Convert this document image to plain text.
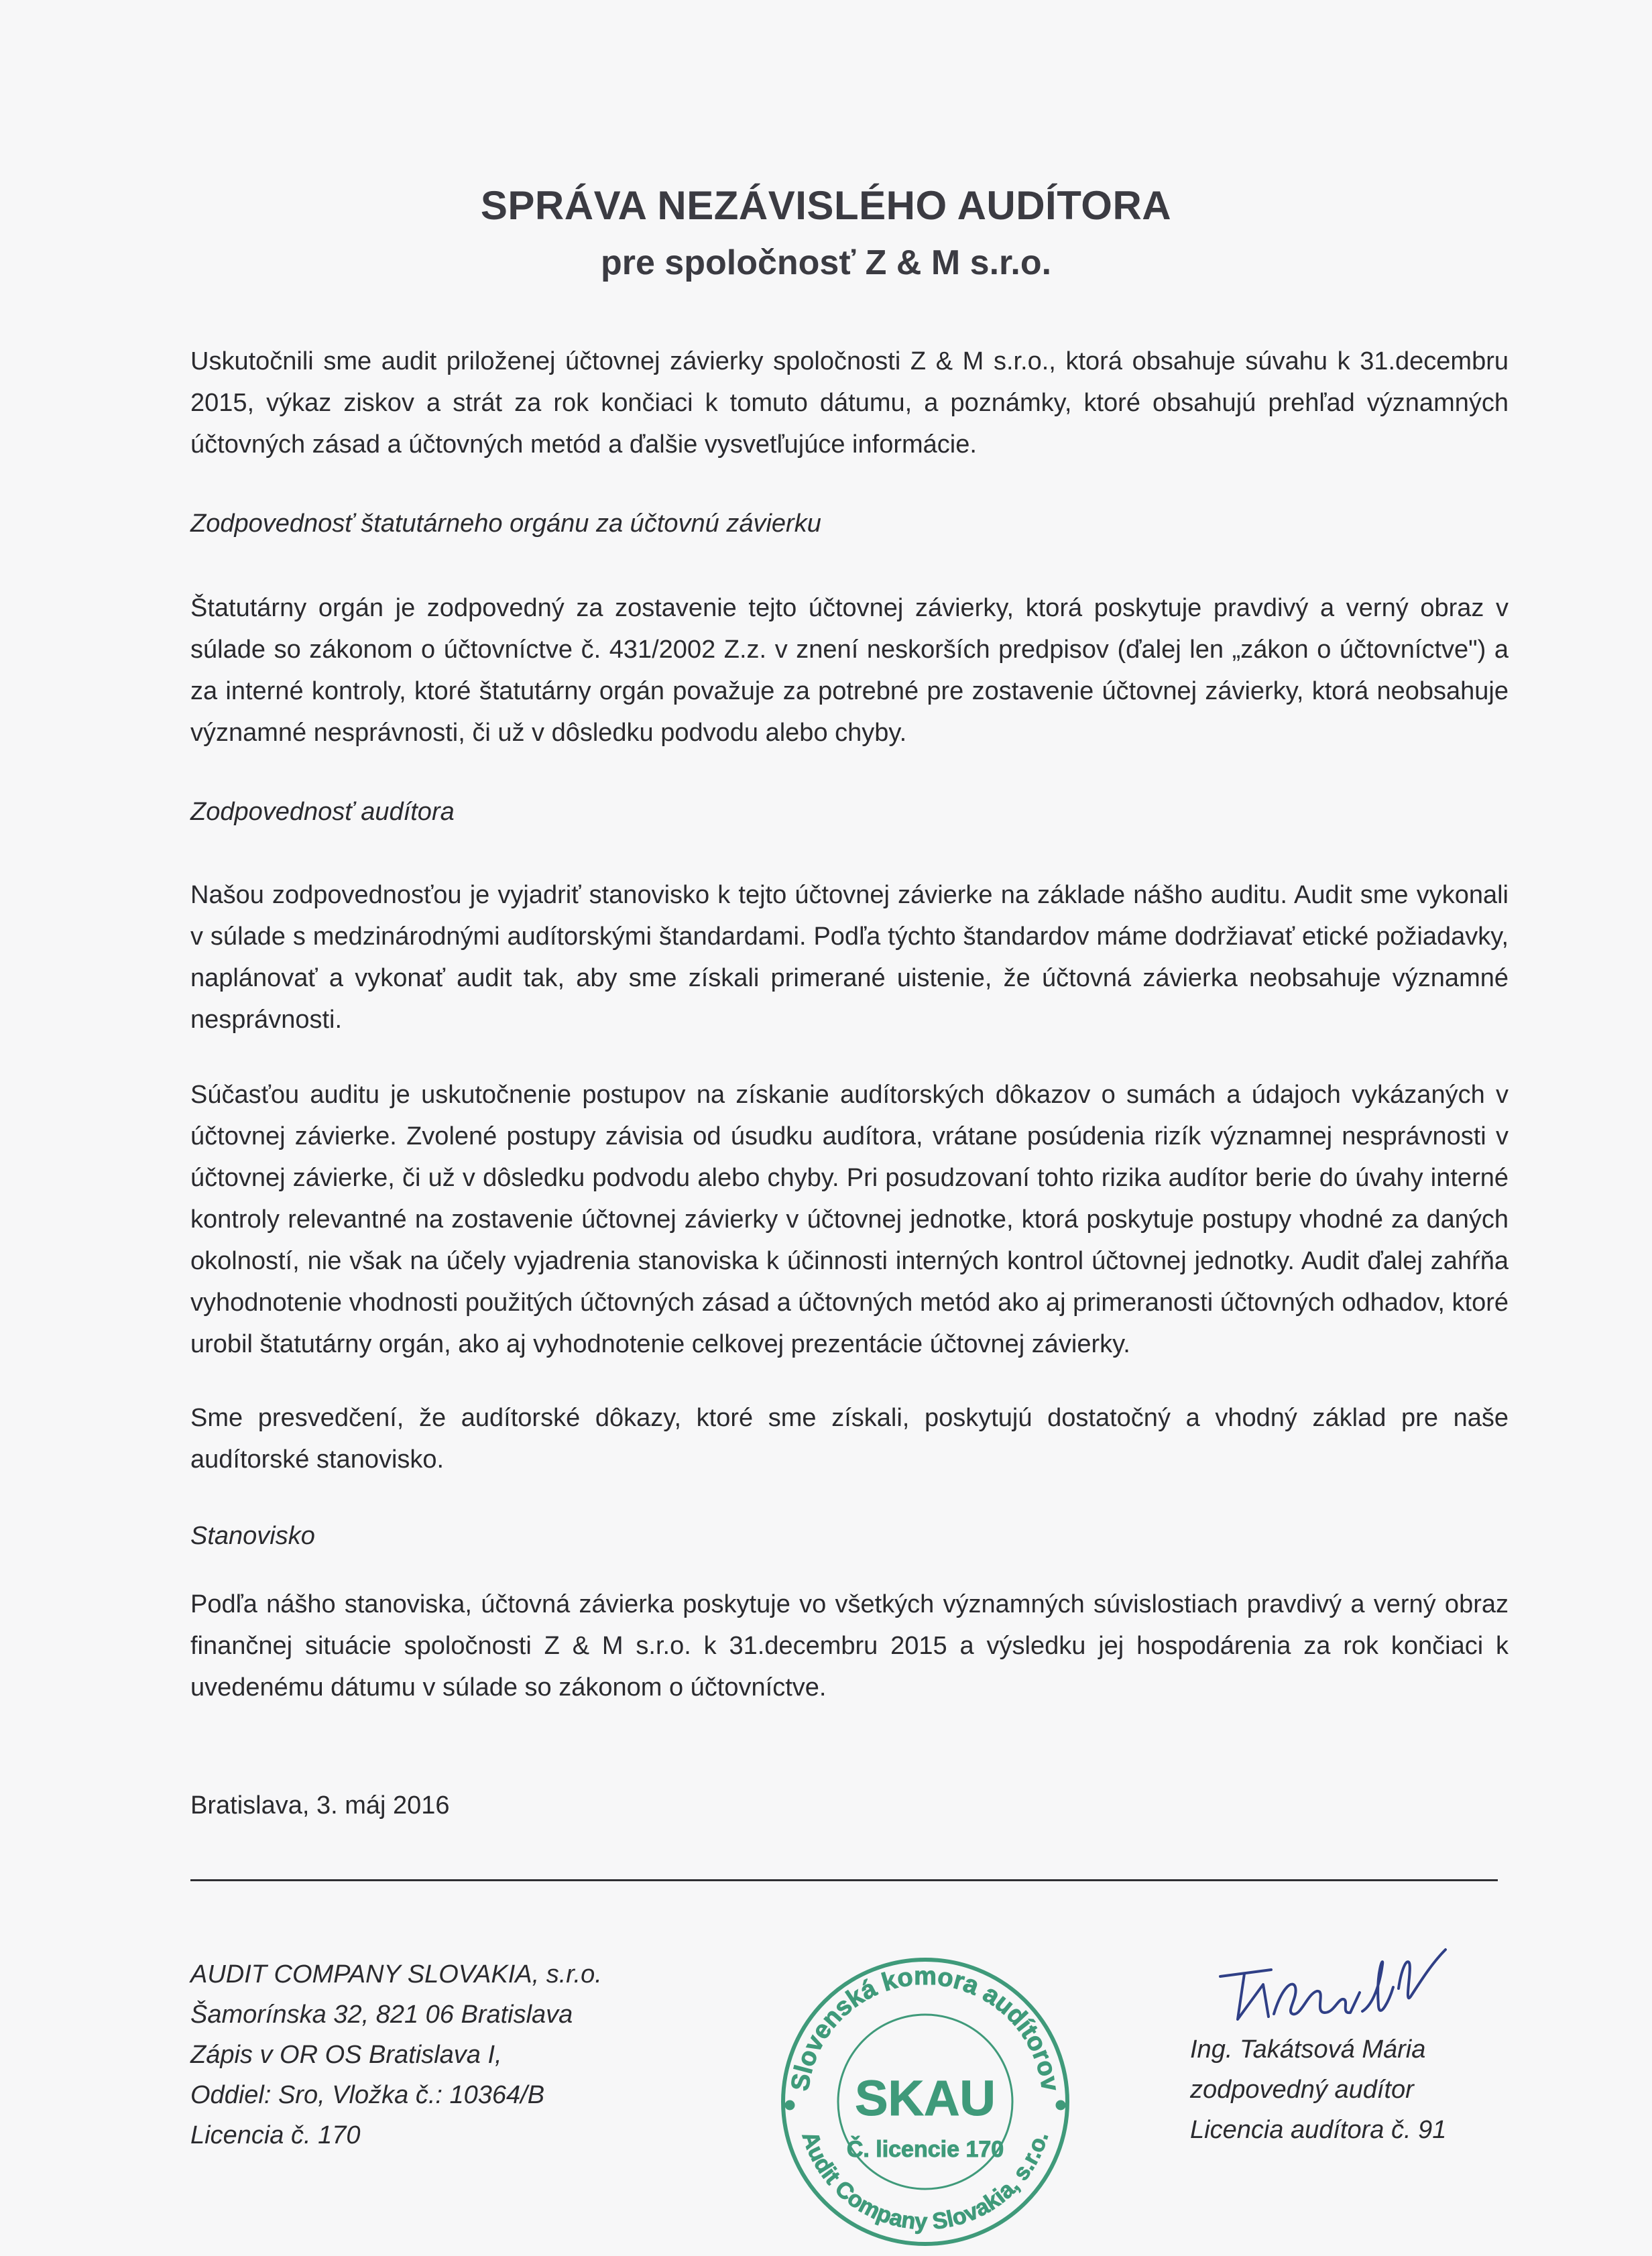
SPRÁVA NEZÁVISLÉHO AUDÍTORA
pre spoločnosť Z & M s.r.o.

Uskutočnili sme audit priloženej účtovnej závierky spoločnosti Z & M s.r.o., ktorá obsahuje súvahu k 31.decembru 2015, výkaz ziskov a strát za rok končiaci k tomuto dátumu, a poznámky, ktoré obsahujú prehľad významných účtovných zásad a účtovných metód a ďalšie vysvetľujúce informácie.

Zodpovednosť štatutárneho orgánu za účtovnú závierku

Štatutárny orgán je zodpovedný za zostavenie tejto účtovnej závierky, ktorá poskytuje pravdivý a verný obraz v súlade so zákonom o účtovníctve č. 431/2002 Z.z. v znení neskorších predpisov (ďalej len „zákon o účtovníctve") a za interné kontroly, ktoré štatutárny orgán považuje za potrebné pre zostavenie účtovnej závierky, ktorá neobsahuje významné nesprávnosti, či už v dôsledku podvodu alebo chyby.

Zodpovednosť audítora

Našou zodpovednosťou je vyjadriť stanovisko k tejto účtovnej závierke na základe nášho auditu. Audit sme vykonali v súlade s medzinárodnými audítorskými štandardami. Podľa týchto štandardov máme dodržiavať etické požiadavky, naplánovať a vykonať audit tak, aby sme získali primerané uistenie, že účtovná závierka neobsahuje významné nesprávnosti.

Súčasťou auditu je uskutočnenie postupov na získanie audítorských dôkazov o sumách a údajoch vykázaných v účtovnej závierke. Zvolené postupy závisia od úsudku audítora, vrátane posúdenia rizík významnej nesprávnosti v účtovnej závierke, či už v dôsledku podvodu alebo chyby. Pri posudzovaní tohto rizika audítor berie do úvahy interné kontroly relevantné na zostavenie účtovnej závierky v účtovnej jednotke, ktorá poskytuje postupy vhodné za daných okolností, nie však na účely vyjadrenia stanoviska k účinnosti interných kontrol účtovnej jednotky. Audit ďalej zahŕňa vyhodnotenie vhodnosti použitých účtovných zásad a účtovných metód ako aj primeranosti účtovných odhadov, ktoré urobil štatutárny orgán, ako aj vyhodnotenie celkovej prezentácie účtovnej závierky.

Sme presvedčení, že audítorské dôkazy, ktoré sme získali, poskytujú dostatočný a vhodný základ pre naše audítorské stanovisko.

Stanovisko

Podľa nášho stanoviska, účtovná závierka poskytuje vo všetkých významných súvislostiach pravdivý a verný obraz finančnej situácie spoločnosti Z & M s.r.o. k 31.decembru 2015 a výsledku jej hospodárenia za rok končiaci k uvedenému dátumu v súlade so zákonom o účtovníctve.

Bratislava, 3. máj 2016
AUDIT COMPANY SLOVAKIA, s.r.o.
Šamorínska 32, 821 06 Bratislava
Zápis v OR OS Bratislava I,
Oddiel: Sro, Vložka č.: 10364/B
Licencia č. 170
Slovenská komora audítorov
Audit Company Slovakia, s.r.o.
SKAU
Č. licencie 170
Ing. Takátsová Mária
zodpovedný audítor
Licencia audítora č. 91
